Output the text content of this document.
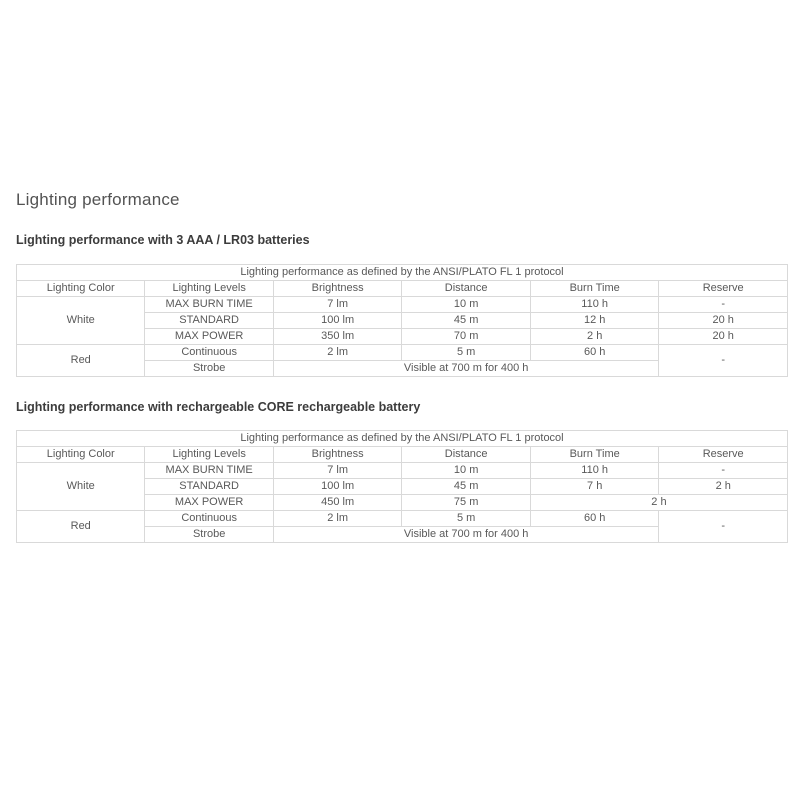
Lighting performance
Lighting performance with 3 AAA / LR03 batteries
Lighting performance as defined by the ANSI/PLATO FL 1 protocol					
Lighting Color	Lighting Levels	Brightness	Distance	Burn Time	Reserve
White	MAX BURN TIME	7 lm	10 m	110 h	-
	STANDARD	100 lm	45 m	12 h	20 h
	MAX POWER	350 lm	70 m	2 h	20 h
Red	Continuous	2 lm	5 m	60 h	-
	Strobe	Visible at 700 m for 400 h			
Lighting performance with rechargeable CORE rechargeable battery
Lighting performance as defined by the ANSI/PLATO FL 1 protocol					
Lighting Color	Lighting Levels	Brightness	Distance	Burn Time	Reserve
White	MAX BURN TIME	7 lm	10 m	110 h	-
	STANDARD	100 lm	45 m	7 h	2 h
	MAX POWER	450 lm	75 m	2 h	
Red	Continuous	2 lm	5 m	60 h	-
	Strobe	Visible at 700 m for 400 h			
